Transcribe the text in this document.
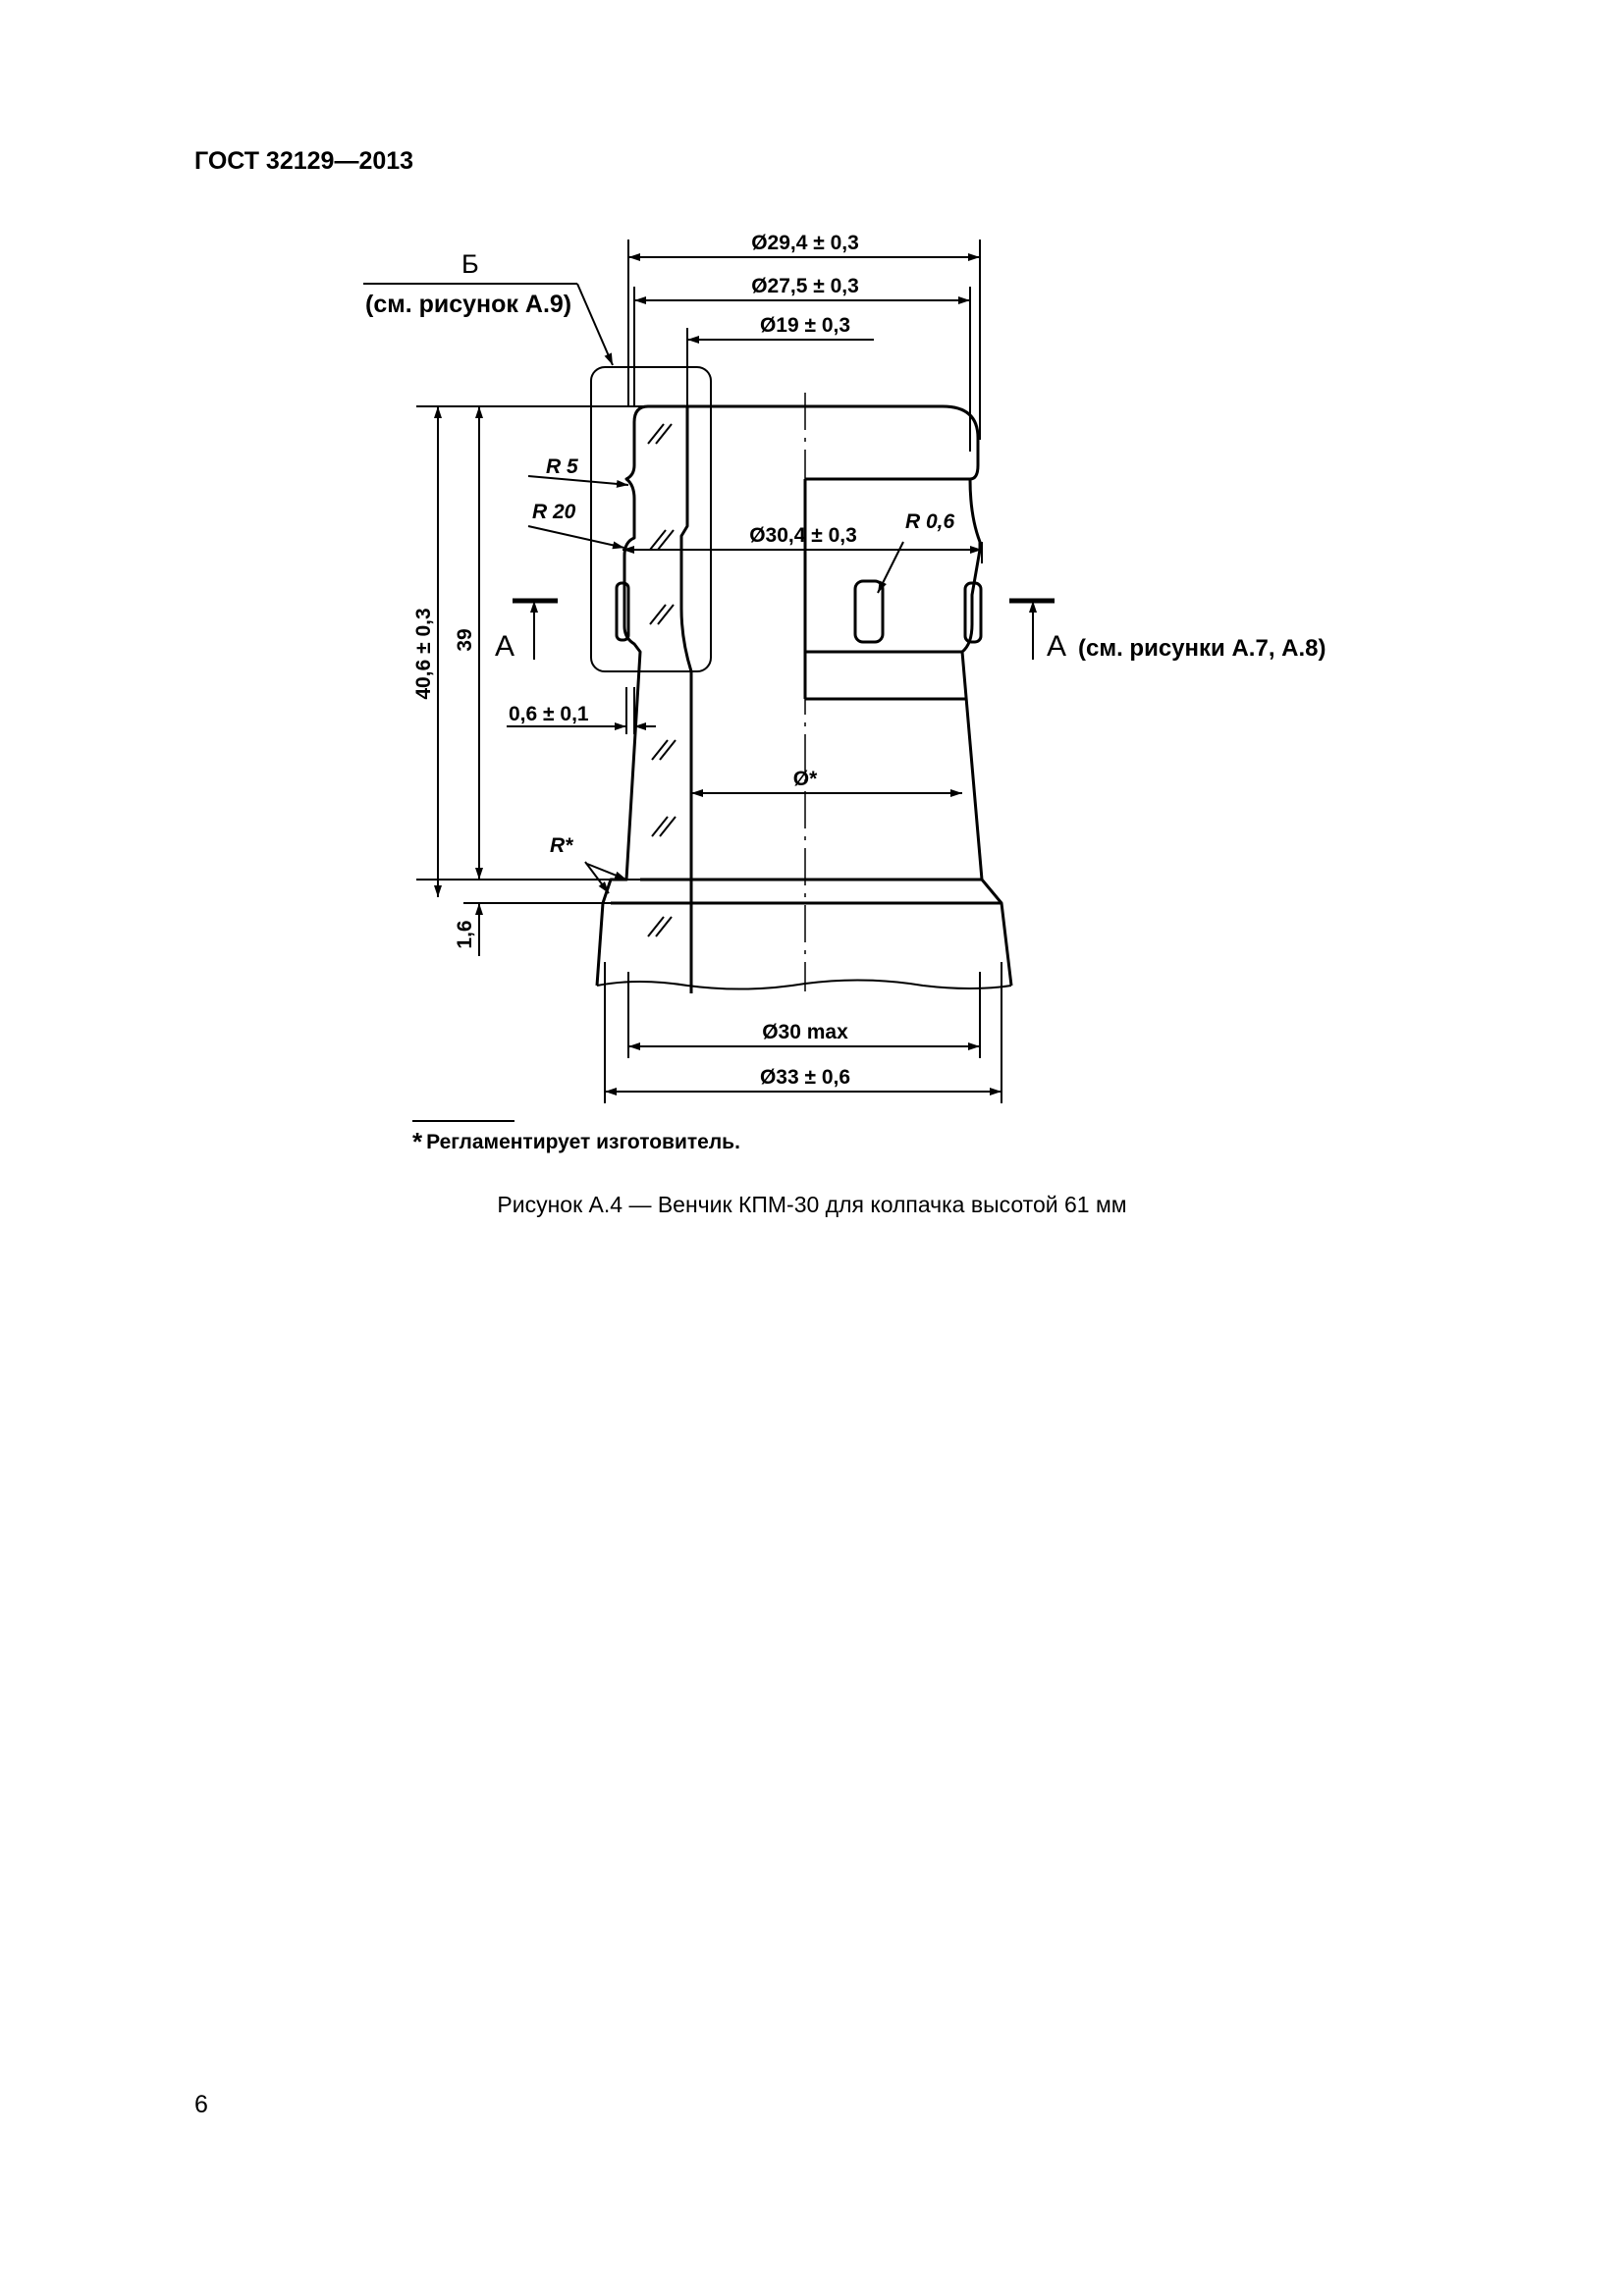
ГОСТ 32129—2013
Б
(см. рисунок А.9)
Ø29,4 ± 0,3
Ø27,5 ± 0,3
Ø19 ± 0,3
Ø30,4 ± 0,3
R 0,6
R 5
R 20
0,6 ± 0,1
Ø*
R*
Ø30 max
Ø33 ± 0,6
40,6 ± 0,3 39
1,6
А	А (см. рисунки А.7, А.8)
* Регламентирует изготовитель.
Рисунок А.4 — Венчик КПМ-30 для колпачка высотой 61 мм
6
